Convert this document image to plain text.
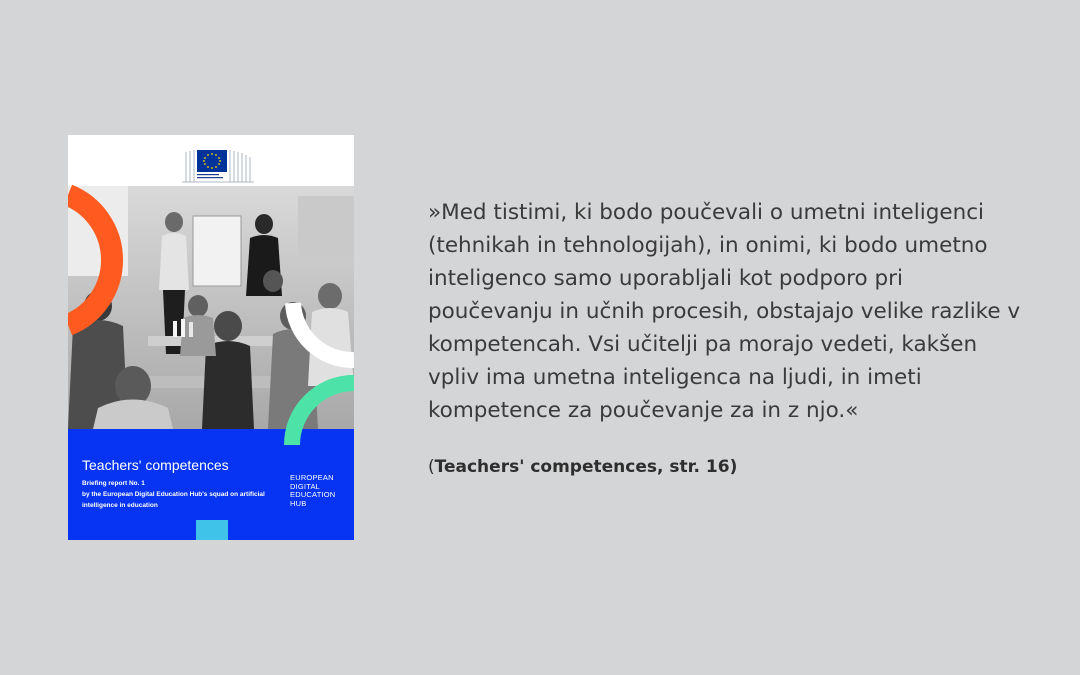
Teachers' competences
Briefing report No. 1
by the European Digital Education Hub's squad on artificial
intelligence in education
EUROPEAN
DIGITAL
EDUCATION
HUB

»Med tistimi, ki bodo poučevali o umetni inteligenci (tehnikah in tehnologijah), in onimi, ki bodo umetno inteligenco samo uporabljali kot podporo pri poučevanju in učnih procesih, obstajajo velike razlike v kompetencah. Vsi učitelji pa morajo vedeti, kakšen vpliv ima umetna inteligenca na ljudi, in imeti kompetence za poučevanje za in z njo.«

(Teachers' competences, str. 16)
